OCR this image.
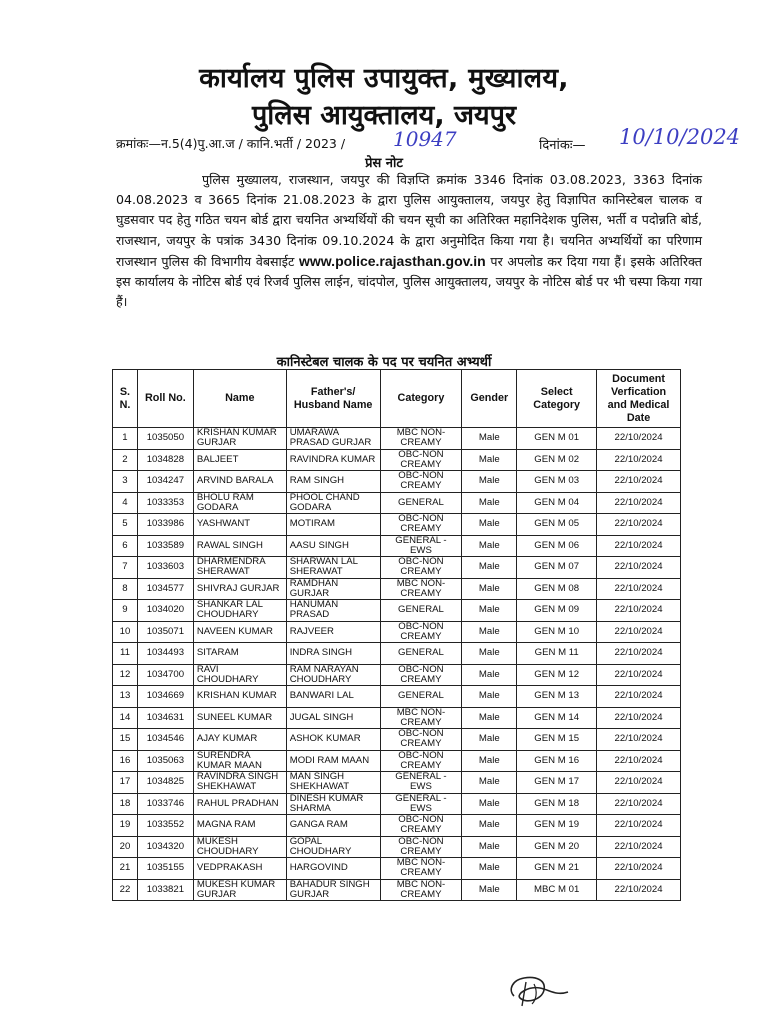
कार्यालय पुलिस उपायुक्त, मुख्यालय,
पुलिस आयुक्तालय, जयपुर
क्रमांकः—न.5(4)पु.आ.ज / कानि.भर्ती / 2023 / 10947	दिनांकः— 10/10/2024
प्रेस नोट
पुलिस मुख्यालय, राजस्थान, जयपुर की विज्ञप्ति क्रमांक 3346 दिनांक 03.08.2023, 3363 दिनांक 04.08.2023 व 3665 दिनांक 21.08.2023 के द्वारा पुलिस आयुक्तालय, जयपुर हेतु विज्ञापित कानिस्टेबल चालक व घुडसवार पद हेतु गठित चयन बोर्ड द्वारा चयनित अभ्यर्थियों की चयन सूची का अतिरिक्त महानिदेशक पुलिस, भर्ती व पदोन्नति बोर्ड, राजस्थान, जयपुर के पत्रांक 3430 दिनांक 09.10.2024 के द्वारा अनुमोदित किया गया है। चयनित अभ्यर्थियों का परिणाम राजस्थान पुलिस की विभागीय वेबसाईट www.police.rajasthan.gov.in पर अपलोड कर दिया गया हैं। इसके अतिरिक्त इस कार्यालय के नोटिस बोर्ड एवं रिजर्व पुलिस लाईन, चांदपोल, पुलिस आयुक्तालय, जयपुर के नोटिस बोर्ड पर भी चस्पा किया गया हैं।
कानिस्टेबल चालक के पद पर चयनित अभ्यर्थी
S. N.	Roll No.	Name	Father's/ Husband Name	Category	Gender	Select Category	Document Verfication and Medical Date
1	1035050	KRISHAN KUMAR GURJAR	UMARAWA PRASAD GURJAR	MBC NON-CREAMY	Male	GEN M 01	22/10/2024
2	1034828	BALJEET	RAVINDRA KUMAR	OBC-NON CREAMY	Male	GEN M 02	22/10/2024
3	1034247	ARVIND BARALA	RAM SINGH	OBC-NON CREAMY	Male	GEN M 03	22/10/2024
4	1033353	BHOLU RAM GODARA	PHOOL CHAND GODARA	GENERAL	Male	GEN M 04	22/10/2024
5	1033986	YASHWANT	MOTIRAM	OBC-NON CREAMY	Male	GEN M 05	22/10/2024
6	1033589	RAWAL SINGH	AASU SINGH	GENERAL - EWS	Male	GEN M 06	22/10/2024
7	1033603	DHARMENDRA SHERAWAT	SHARWAN LAL SHERAWAT	OBC-NON CREAMY	Male	GEN M 07	22/10/2024
8	1034577	SHIVRAJ GURJAR	RAMDHAN GURJAR	MBC NON-CREAMY	Male	GEN M 08	22/10/2024
9	1034020	SHANKAR LAL CHOUDHARY	HANUMAN PRASAD	GENERAL	Male	GEN M 09	22/10/2024
10	1035071	NAVEEN KUMAR	RAJVEER	OBC-NON CREAMY	Male	GEN M 10	22/10/2024
11	1034493	SITARAM	INDRA SINGH	GENERAL	Male	GEN M 11	22/10/2024
12	1034700	RAVI CHOUDHARY	RAM NARAYAN CHOUDHARY	OBC-NON CREAMY	Male	GEN M 12	22/10/2024
13	1034669	KRISHAN KUMAR	BANWARI LAL	GENERAL	Male	GEN M 13	22/10/2024
14	1034631	SUNEEL KUMAR	JUGAL SINGH	MBC NON-CREAMY	Male	GEN M 14	22/10/2024
15	1034546	AJAY KUMAR	ASHOK KUMAR	OBC-NON CREAMY	Male	GEN M 15	22/10/2024
16	1035063	SURENDRA KUMAR MAAN	MODI RAM MAAN	OBC-NON CREAMY	Male	GEN M 16	22/10/2024
17	1034825	RAVINDRA SINGH SHEKHAWAT	MAN SINGH SHEKHAWAT	GENERAL - EWS	Male	GEN M 17	22/10/2024
18	1033746	RAHUL PRADHAN	DINESH KUMAR SHARMA	GENERAL - EWS	Male	GEN M 18	22/10/2024
19	1033552	MAGNA RAM	GANGA RAM	OBC-NON CREAMY	Male	GEN M 19	22/10/2024
20	1034320	MUKESH CHOUDHARY	GOPAL CHOUDHARY	OBC-NON CREAMY	Male	GEN M 20	22/10/2024
21	1035155	VEDPRAKASH	HARGOVIND	MBC NON-CREAMY	Male	GEN M 21	22/10/2024
22	1033821	MUKESH KUMAR GURJAR	BAHADUR SINGH GURJAR	MBC NON-CREAMY	Male	MBC M 01	22/10/2024
